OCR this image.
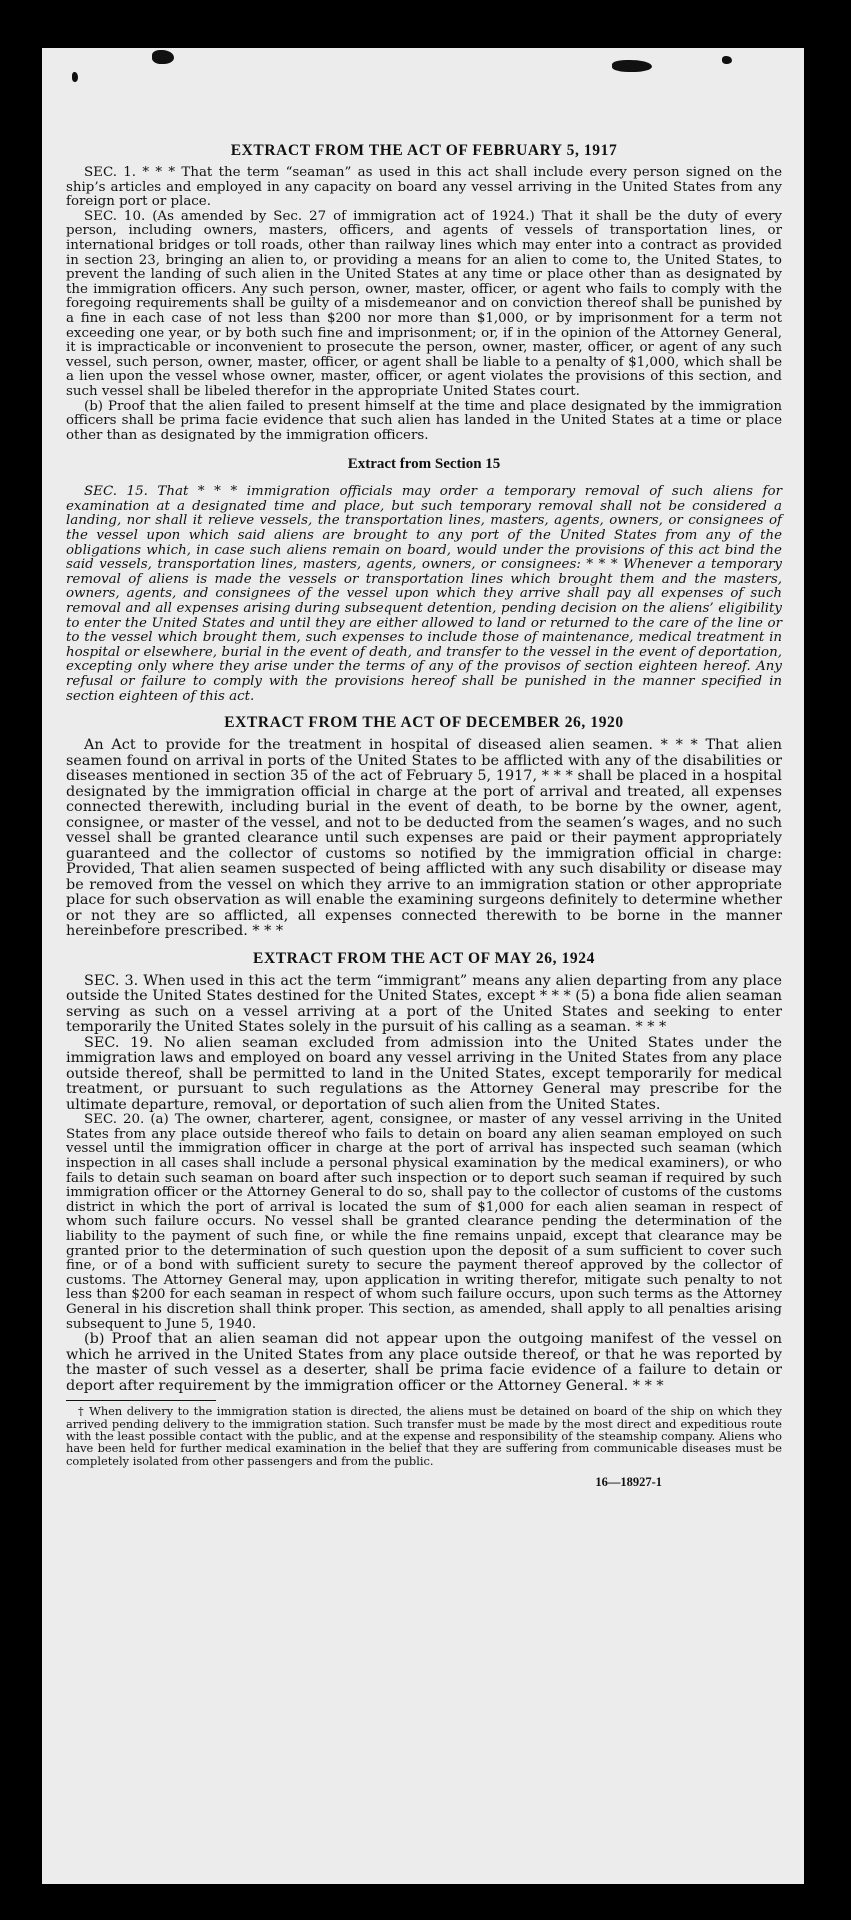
EXTRACT FROM THE ACT OF FEBRUARY 5, 1917

SEC. 1. * * * That the term “seaman” as used in this act shall include every person signed on the ship’s articles and employed in any capacity on board any vessel arriving in the United States from any foreign port or place.

SEC. 10. (As amended by Sec. 27 of immigration act of 1924.) That it shall be the duty of every person, including owners, masters, officers, and agents of vessels of transportation lines, or international bridges or toll roads, other than railway lines which may enter into a contract as provided in section 23, bringing an alien to, or providing a means for an alien to come to, the United States, to prevent the landing of such alien in the United States at any time or place other than as designated by the immigration officers. Any such person, owner, master, officer, or agent who fails to comply with the foregoing requirements shall be guilty of a misdemeanor and on conviction thereof shall be punished by a fine in each case of not less than $200 nor more than $1,000, or by imprisonment for a term not exceeding one year, or by both such fine and imprisonment; or, if in the opinion of the Attorney General, it is impracticable or inconvenient to prosecute the person, owner, master, officer, or agent of any such vessel, such person, owner, master, officer, or agent shall be liable to a penalty of $1,000, which shall be a lien upon the vessel whose owner, master, officer, or agent violates the provisions of this section, and such vessel shall be libeled therefor in the appropriate United States court.

(b) Proof that the alien failed to present himself at the time and place designated by the immigration officers shall be prima facie evidence that such alien has landed in the United States at a time or place other than as designated by the immigration officers.

Extract from Section 15

SEC. 15. That * * * immigration officials may order a temporary removal of such aliens for examination at a designated time and place, but such temporary removal shall not be considered a landing, nor shall it relieve vessels, the transportation lines, masters, agents, owners, or consignees of the vessel upon which said aliens are brought to any port of the United States from any of the obligations which, in case such aliens remain on board, would under the provisions of this act bind the said vessels, transportation lines, masters, agents, owners, or consignees: * * * Whenever a temporary removal of aliens is made the vessels or transportation lines which brought them and the masters, owners, agents, and consignees of the vessel upon which they arrive shall pay all expenses of such removal and all expenses arising during subsequent detention, pending decision on the aliens’ eligibility to enter the United States and until they are either allowed to land or returned to the care of the line or to the vessel which brought them, such expenses to include those of maintenance, medical treatment in hospital or elsewhere, burial in the event of death, and transfer to the vessel in the event of deportation, excepting only where they arise under the terms of any of the provisos of section eighteen hereof. Any refusal or failure to comply with the provisions hereof shall be punished in the manner specified in section eighteen of this act.

EXTRACT FROM THE ACT OF DECEMBER 26, 1920

An Act to provide for the treatment in hospital of diseased alien seamen. * * * That alien seamen found on arrival in ports of the United States to be afflicted with any of the disabilities or diseases mentioned in section 35 of the act of February 5, 1917, * * * shall be placed in a hospital designated by the immigration official in charge at the port of arrival and treated, all expenses connected therewith, including burial in the event of death, to be borne by the owner, agent, consignee, or master of the vessel, and not to be deducted from the seamen’s wages, and no such vessel shall be granted clearance until such expenses are paid or their payment appropriately guaranteed and the collector of customs so notified by the immigration official in charge: Provided, That alien seamen suspected of being afflicted with any such disability or disease may be removed from the vessel on which they arrive to an immigration station or other appropriate place for such observation as will enable the examining surgeons definitely to determine whether or not they are so afflicted, all expenses connected therewith to be borne in the manner hereinbefore prescribed. * * *

EXTRACT FROM THE ACT OF MAY 26, 1924

SEC. 3. When used in this act the term “immigrant” means any alien departing from any place outside the United States destined for the United States, except * * * (5) a bona fide alien seaman serving as such on a vessel arriving at a port of the United States and seeking to enter temporarily the United States solely in the pursuit of his calling as a seaman. * * *

SEC. 19. No alien seaman excluded from admission into the United States under the immigration laws and employed on board any vessel arriving in the United States from any place outside thereof, shall be permitted to land in the United States, except temporarily for medical treatment, or pursuant to such regulations as the Attorney General may prescribe for the ultimate departure, removal, or deportation of such alien from the United States.

SEC. 20. (a) The owner, charterer, agent, consignee, or master of any vessel arriving in the United States from any place outside thereof who fails to detain on board any alien seaman employed on such vessel until the immigration officer in charge at the port of arrival has inspected such seaman (which inspection in all cases shall include a personal physical examination by the medical examiners), or who fails to detain such seaman on board after such inspection or to deport such seaman if required by such immigration officer or the Attorney General to do so, shall pay to the collector of customs of the customs district in which the port of arrival is located the sum of $1,000 for each alien seaman in respect of whom such failure occurs. No vessel shall be granted clearance pending the determination of the liability to the payment of such fine, or while the fine remains unpaid, except that clearance may be granted prior to the determination of such question upon the deposit of a sum sufficient to cover such fine, or of a bond with sufficient surety to secure the payment thereof approved by the collector of customs. The Attorney General may, upon application in writing therefor, mitigate such penalty to not less than $200 for each seaman in respect of whom such failure occurs, upon such terms as the Attorney General in his discretion shall think proper. This section, as amended, shall apply to all penalties arising subsequent to June 5, 1940.

(b) Proof that an alien seaman did not appear upon the outgoing manifest of the vessel on which he arrived in the United States from any place outside thereof, or that he was reported by the master of such vessel as a deserter, shall be prima facie evidence of a failure to detain or deport after requirement by the immigration officer or the Attorney General. * * *

† When delivery to the immigration station is directed, the aliens must be detained on board of the ship on which they arrived pending delivery to the immigration station. Such transfer must be made by the most direct and expeditious route with the least possible contact with the public, and at the expense and responsibility of the steamship company. Aliens who have been held for further medical examination in the belief that they are suffering from communicable diseases must be completely isolated from other passengers and from the public.

16—18927-1
